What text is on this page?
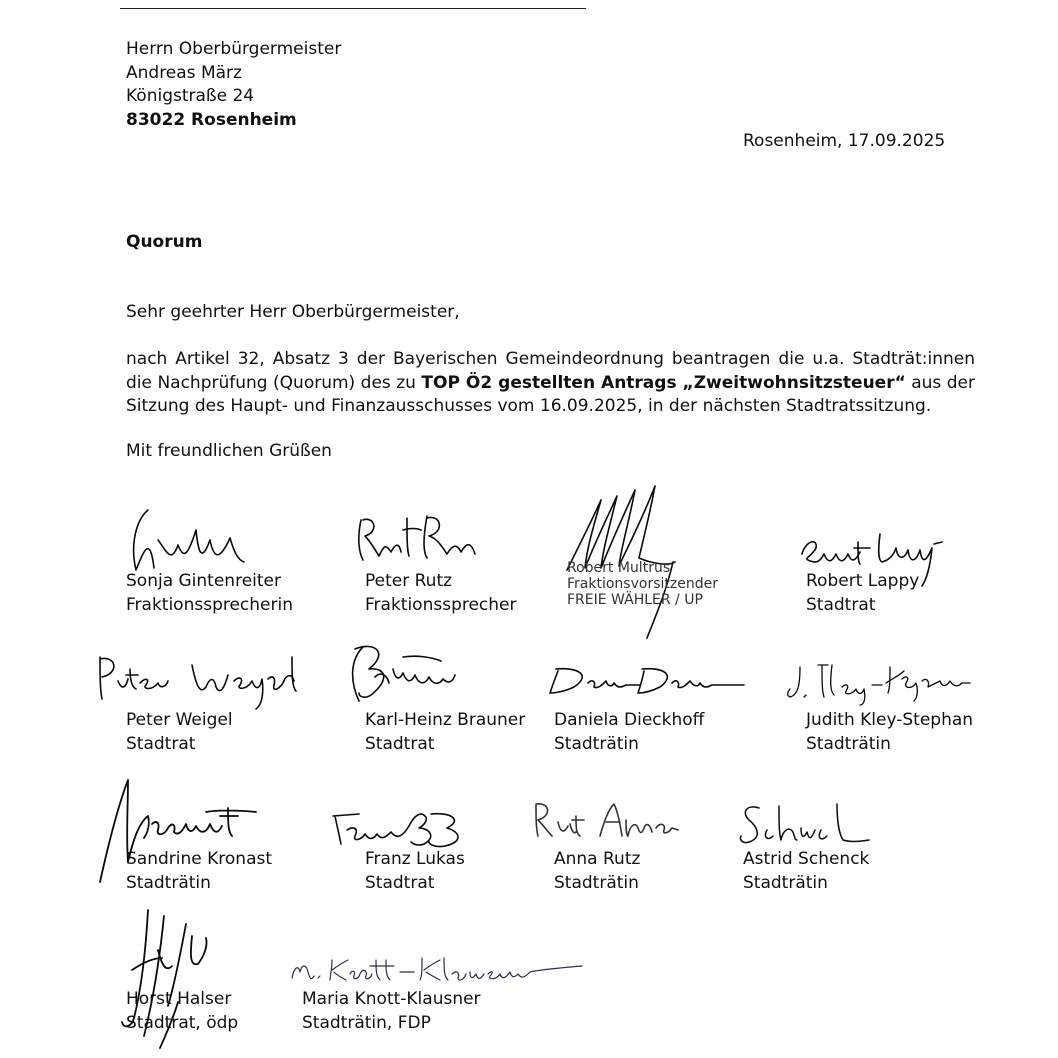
Herrn Oberbürgermeister
Andreas März
Königstraße 24
83022 Rosenheim
Rosenheim, 17.09.2025
Quorum
Sehr geehrter Herr Oberbürgermeister,
nach Artikel 32, Absatz 3 der Bayerischen Gemeindeordnung beantragen die u.a. Stadträt:innen die Nachprüfung (Quorum) des zu TOP Ö2 gestellten Antrags „Zweitwohnsitzsteuer“ aus der Sitzung des Haupt- und Finanzausschusses vom 16.09.2025, in der nächsten Stadtratssitzung.
Mit freundlichen Grüßen
Sonja Gintenreiter
Fraktionssprecherin
Peter Rutz
Fraktionssprecher
Robert Multrus
Fraktionsvorsitzender
FREIE WÄHLER / UP
Robert Lappy
Stadtrat
Peter Weigel
Stadtrat
Karl-Heinz Brauner
Stadtrat
Daniela Dieckhoff
Stadträtin
Judith Kley-Stephan
Stadträtin
Sandrine Kronast
Stadträtin
Franz Lukas
Stadtrat
Anna Rutz
Stadträtin
Astrid Schenck
Stadträtin
Horst Halser
Stadtrat, ödp
Maria Knott-Klausner
Stadträtin, FDP
